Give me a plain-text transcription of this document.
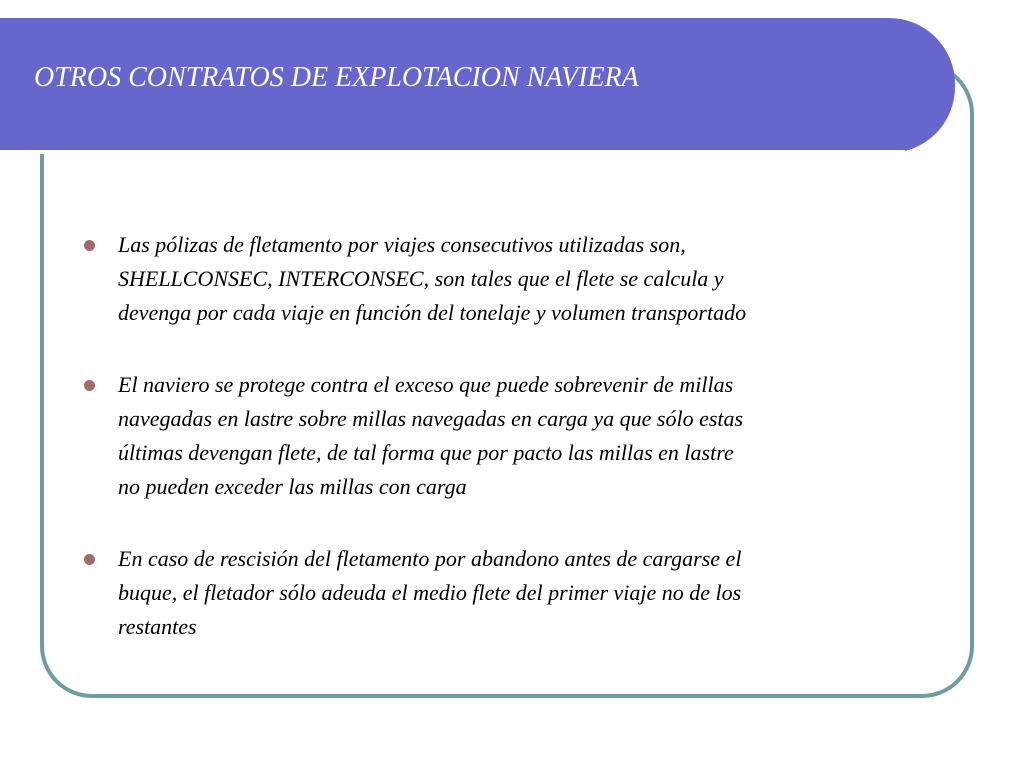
OTROS CONTRATOS DE EXPLOTACION NAVIERA
Las pólizas de fletamento por viajes consecutivos utilizadas son,
SHELLCONSEC, INTERCONSEC, son tales que el flete se calcula y
devenga por cada viaje en función del tonelaje y volumen transportado
El naviero se protege contra el exceso que puede sobrevenir de millas
navegadas en lastre sobre millas navegadas en carga ya que sólo estas
últimas devengan flete, de tal forma que por pacto las millas en lastre
no pueden exceder las millas con carga
En caso de rescisión del fletamento por abandono antes de cargarse el
buque, el fletador sólo adeuda el medio flete del primer viaje no de los
restantes
